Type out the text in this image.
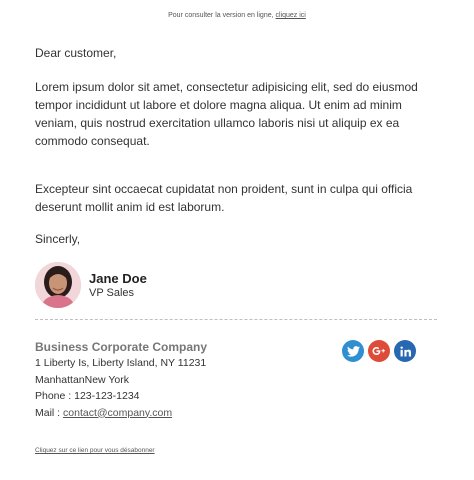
Pour consulter la version en ligne, cliquez ici

Dear customer,

Lorem ipsum dolor sit amet, consectetur adipisicing elit, sed do eiusmod tempor incididunt ut labore et dolore magna aliqua. Ut enim ad minim veniam, quis nostrud exercitation ullamco laboris nisi ut aliquip ex ea commodo consequat.

Excepteur sint occaecat cupidatat non proident, sunt in culpa qui officia deserunt mollit anim id est laborum.

Sincerly,

Jane Doe
VP Sales
Business Corporate Company
1 Liberty Is, Liberty Island, NY 11231
ManhattanNew York
Phone : 123-123-1234
Mail : contact@company.com
Cliquez sur ce lien pour vous désabonner
